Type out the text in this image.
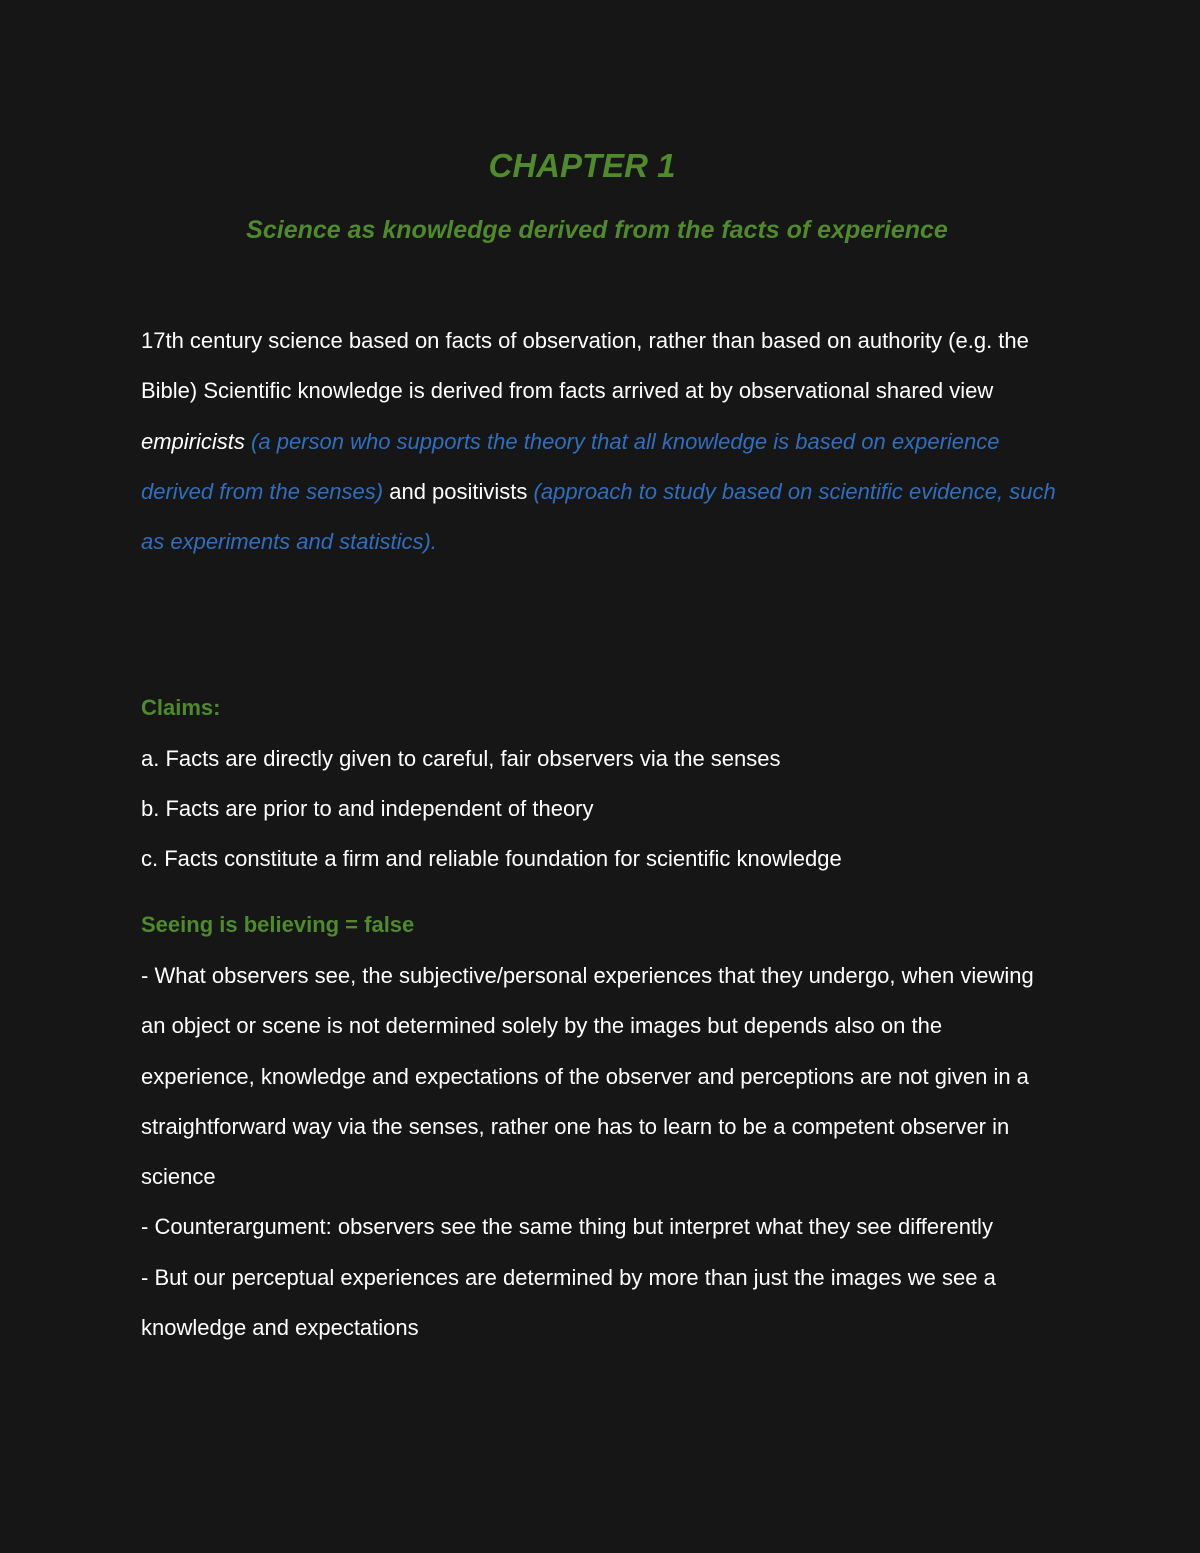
CHAPTER 1
Science as knowledge derived from the facts of experience

17th century science based on facts of observation, rather than based on authority (e.g. the Bible) Scientific knowledge is derived from facts arrived at by observational shared view empiricists (a person who supports the theory that all knowledge is based on experience derived from the senses) and positivists (approach to study based on scientific evidence, such as experiments and statistics).

Claims:
a. Facts are directly given to careful, fair observers via the senses
b. Facts are prior to and independent of theory
c. Facts constitute a firm and reliable foundation for scientific knowledge
Seeing is believing = false

- What observers see, the subjective/personal experiences that they undergo, when viewing an object or scene is not determined solely by the images but depends also on the experience, knowledge and expectations of the observer and perceptions are not given in a straightforward way via the senses, rather one has to learn to be a competent observer in science

- Counterargument: observers see the same thing but interpret what they see differently

- But our perceptual experiences are determined by more than just the images we see a knowledge and expectations
